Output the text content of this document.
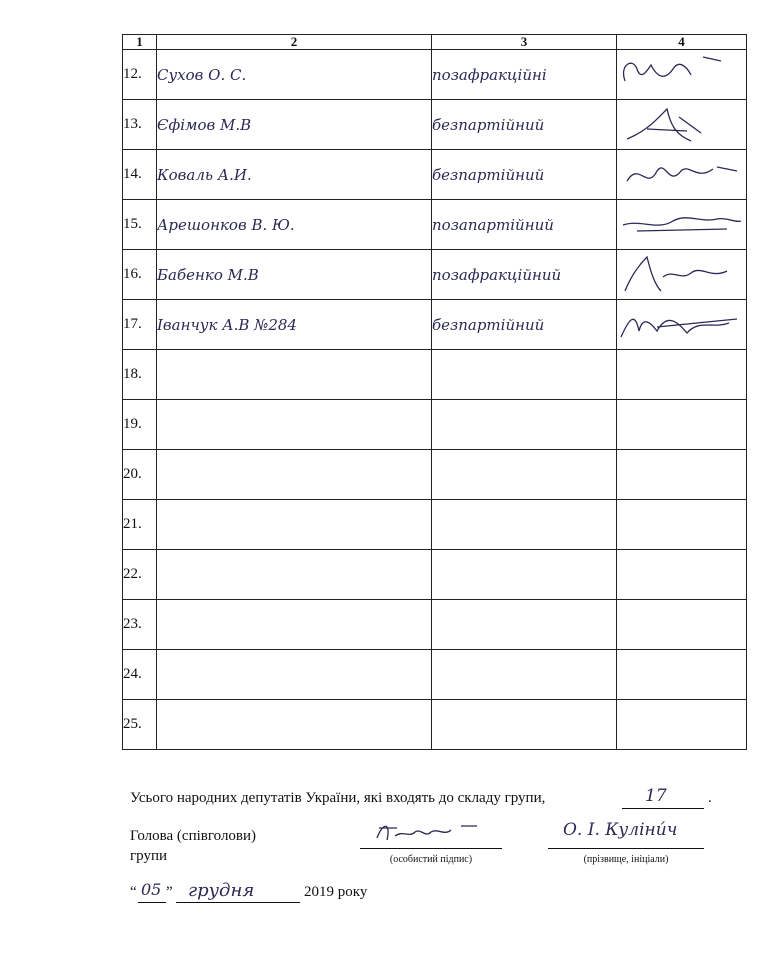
1	2	3	4
12.	Сухов О. С.	позафракційні	

13.	Єфімов М.В	безпартійний	

14.	Коваль А.И.	безпартійний	

15.	Арешонков В. Ю.	позапартійний	

16.	Бабенко М.В	позафракційний	

17.	Іванчук А.В №284	безпартійний	

18.			
19.			
20.			
21.			
22.			
23.			
24.			
25.			
Усього народних депутатів України, які входять до складу групи,	17	.
Голова (співголови)
групи	(особистий підпис)
О. І. Куліни́ч
(прізвище, ініціали)
“ 05 ” грудня	2019 року
